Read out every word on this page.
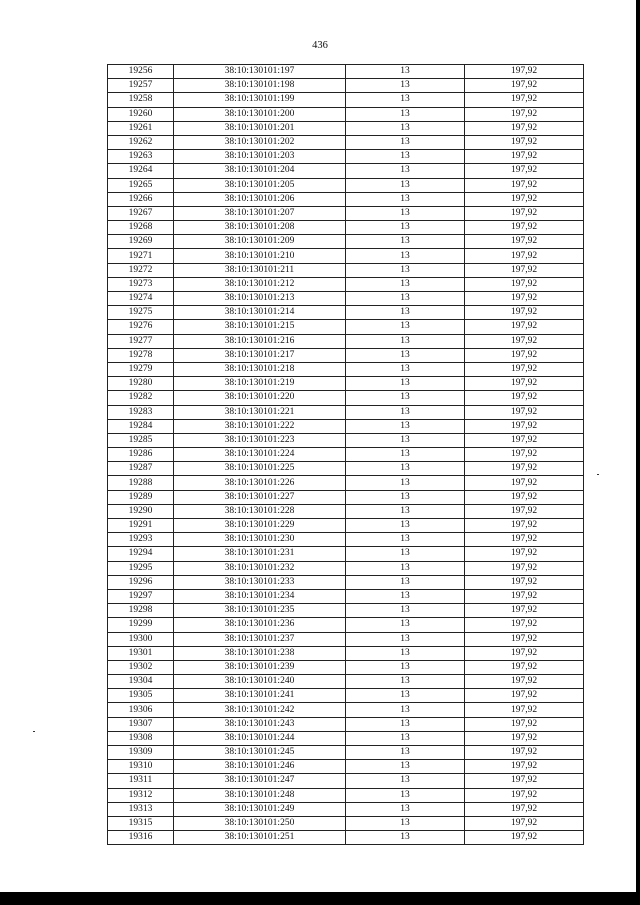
436
19256	38:10:130101:197	13	197,92
19257	38:10:130101:198	13	197,92
19258	38:10:130101:199	13	197,92
19260	38:10:130101:200	13	197,92
19261	38:10:130101:201	13	197,92
19262	38:10:130101:202	13	197,92
19263	38:10:130101:203	13	197,92
19264	38:10:130101:204	13	197,92
19265	38:10:130101:205	13	197,92
19266	38:10:130101:206	13	197,92
19267	38:10:130101:207	13	197,92
19268	38:10:130101:208	13	197,92
19269	38:10:130101:209	13	197,92
19271	38:10:130101:210	13	197,92
19272	38:10:130101:211	13	197,92
19273	38:10:130101:212	13	197,92
19274	38:10:130101:213	13	197,92
19275	38:10:130101:214	13	197,92
19276	38:10:130101:215	13	197,92
19277	38:10:130101:216	13	197,92
19278	38:10:130101:217	13	197,92
19279	38:10:130101:218	13	197,92
19280	38:10:130101:219	13	197,92
19282	38:10:130101:220	13	197,92
19283	38:10:130101:221	13	197,92
19284	38:10:130101:222	13	197,92
19285	38:10:130101:223	13	197,92
19286	38:10:130101:224	13	197,92
19287	38:10:130101:225	13	197,92
19288	38:10:130101:226	13	197,92
19289	38:10:130101:227	13	197,92
19290	38:10:130101:228	13	197,92
19291	38:10:130101:229	13	197,92
19293	38:10:130101:230	13	197,92
19294	38:10:130101:231	13	197,92
19295	38:10:130101:232	13	197,92
19296	38:10:130101:233	13	197,92
19297	38:10:130101:234	13	197,92
19298	38:10:130101:235	13	197,92
19299	38:10:130101:236	13	197,92
19300	38:10:130101:237	13	197,92
19301	38:10:130101:238	13	197,92
19302	38:10:130101:239	13	197,92
19304	38:10:130101:240	13	197,92
19305	38:10:130101:241	13	197,92
19306	38:10:130101:242	13	197,92
19307	38:10:130101:243	13	197,92
19308	38:10:130101:244	13	197,92
19309	38:10:130101:245	13	197,92
19310	38:10:130101:246	13	197,92
19311	38:10:130101:247	13	197,92
19312	38:10:130101:248	13	197,92
19313	38:10:130101:249	13	197,92
19315	38:10:130101:250	13	197,92
19316	38:10:130101:251	13	197,92
